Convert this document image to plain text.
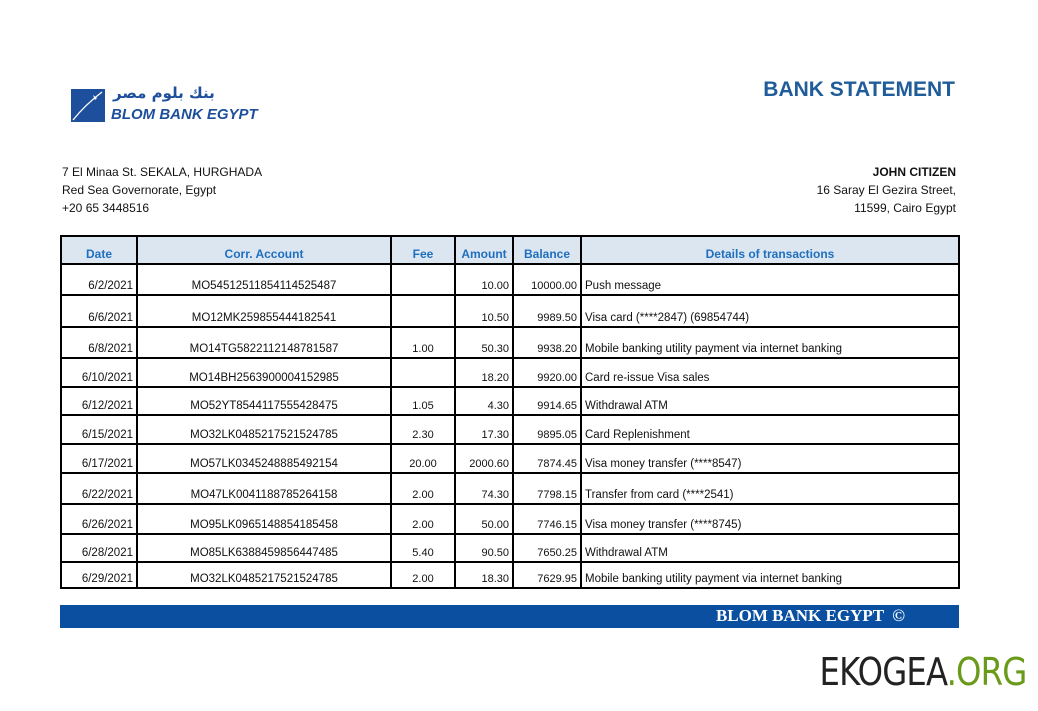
بنك بلوم مصر
BLOM BANK EGYPT
BANK STATEMENT
7 El Minaa St. SEKALA, HURGHADA
Red Sea Governorate, Egypt
+20 65 3448516
JOHN CITIZEN
16 Saray El Gezira Street,
11599, Cairo Egypt
Date	Corr. Account	Fee	Amount	Balance	Details of transactions
6/2/2021	MO54512511854114525487		10.00	10000.00	Push message
6/6/2021	MO12MK259855444182541		10.50	9989.50	Visa card (****2847) (69854744)
6/8/2021	MO14TG5822112148781587	1.00	50.30	9938.20	Mobile banking utility payment via internet banking
6/10/2021	MO14BH2563900004152985		18.20	9920.00	Card re-issue Visa sales
6/12/2021	MO52YT8544117555428475	1.05	4.30	9914.65	Withdrawal ATM
6/15/2021	MO32LK0485217521524785	2.30	17.30	9895.05	Card Replenishment
6/17/2021	MO57LK0345248885492154	20.00	2000.60	7874.45	Visa money transfer (****8547)
6/22/2021	MO47LK0041188785264158	2.00	74.30	7798.15	Transfer from card (****2541)
6/26/2021	MO95LK0965148854185458	2.00	50.00	7746.15	Visa money transfer (****8745)
6/28/2021	MO85LK6388459856447485	5.40	90.50	7650.25	Withdrawal ATM
6/29/2021	MO32LK0485217521524785	2.00	18.30	7629.95	Mobile banking utility payment via internet banking
BLOM BANK EGYPT  ©
EKOGEA.ORG
